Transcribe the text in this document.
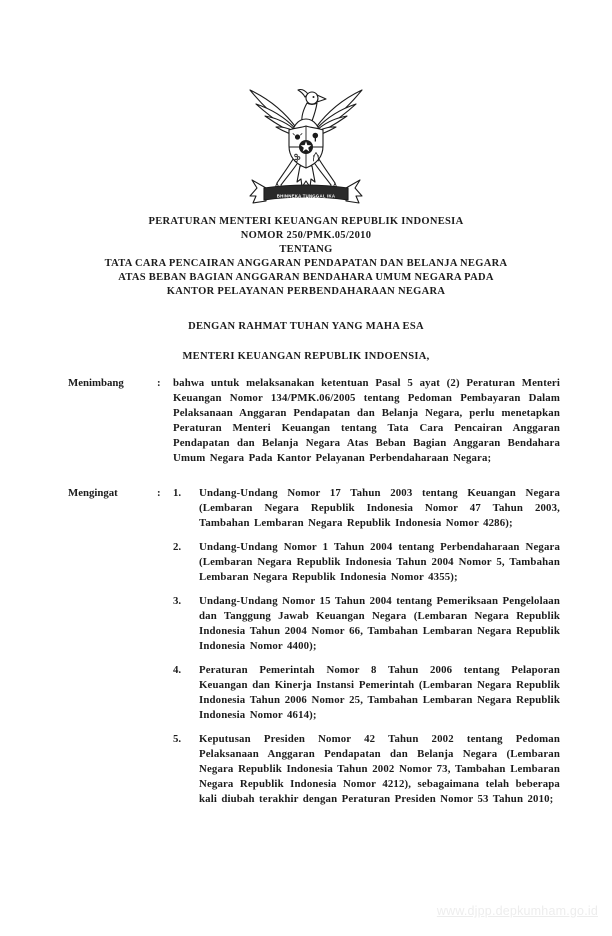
BHINNEKA TUNGGAL IKA
PERATURAN MENTERI KEUANGAN REPUBLIK INDONESIA
NOMOR 250/PMK.05/2010
TENTANG
TATA CARA PENCAIRAN ANGGARAN PENDAPATAN DAN BELANJA NEGARA
ATAS BEBAN BAGIAN ANGGARAN BENDAHARA UMUM NEGARA PADA
KANTOR PELAYANAN PERBENDAHARAAN NEGARA
DENGAN RAHMAT TUHAN YANG MAHA ESA
MENTERI KEUANGAN REPUBLIK INDOENSIA,
Menimbang	:	bahwa untuk melaksanakan ketentuan Pasal 5 ayat (2) Peraturan Menteri Keuangan Nomor 134/PMK.06/2005 tentang Pedoman Pembayaran Dalam Pelaksanaan Anggaran Pendapatan dan Belanja Negara, perlu menetapkan Peraturan Menteri Keuangan tentang Tata Cara Pencairan Anggaran Pendapatan dan Belanja Negara Atas Beban Bagian Anggaran Bendahara Umum Negara Pada Kantor Pelayanan Perbendaharaan Negara;
Mengingat	:	1.	Undang-Undang Nomor 17 Tahun 2003 tentang Keuangan Negara (Lembaran Negara Republik Indonesia Nomor 47 Tahun 2003, Tambahan Lembaran Negara Republik Indonesia Nomor 4286);
2.	Undang-Undang Nomor 1 Tahun 2004 tentang Perbendaharaan Negara (Lembaran Negara Republik Indonesia Tahun 2004 Nomor 5, Tambahan Lembaran Negara Republik Indonesia Nomor 4355);
3.	Undang-Undang Nomor 15 Tahun 2004 tentang Pemeriksaan Pengelolaan dan Tanggung Jawab Keuangan Negara (Lembaran Negara Republik Indonesia Tahun 2004 Nomor 66, Tambahan Lembaran Negara Republik Indonesia Nomor 4400);
4.	Peraturan Pemerintah Nomor 8 Tahun 2006 tentang Pelaporan Keuangan dan Kinerja Instansi Pemerintah (Lembaran Negara Republik Indonesia Tahun 2006 Nomor 25, Tambahan Lembaran Negara Republik Indonesia Nomor 4614);
5.	Keputusan Presiden Nomor 42 Tahun 2002 tentang Pedoman Pelaksanaan Anggaran Pendapatan dan Belanja Negara (Lembaran Negara Republik Indonesia Tahun 2002 Nomor 73, Tambahan Lembaran Negara Republik Indonesia Nomor 4212), sebagaimana telah beberapa kali diubah terakhir dengan Peraturan Presiden Nomor 53 Tahun 2010;
www.djpp.depkumham.go.id
